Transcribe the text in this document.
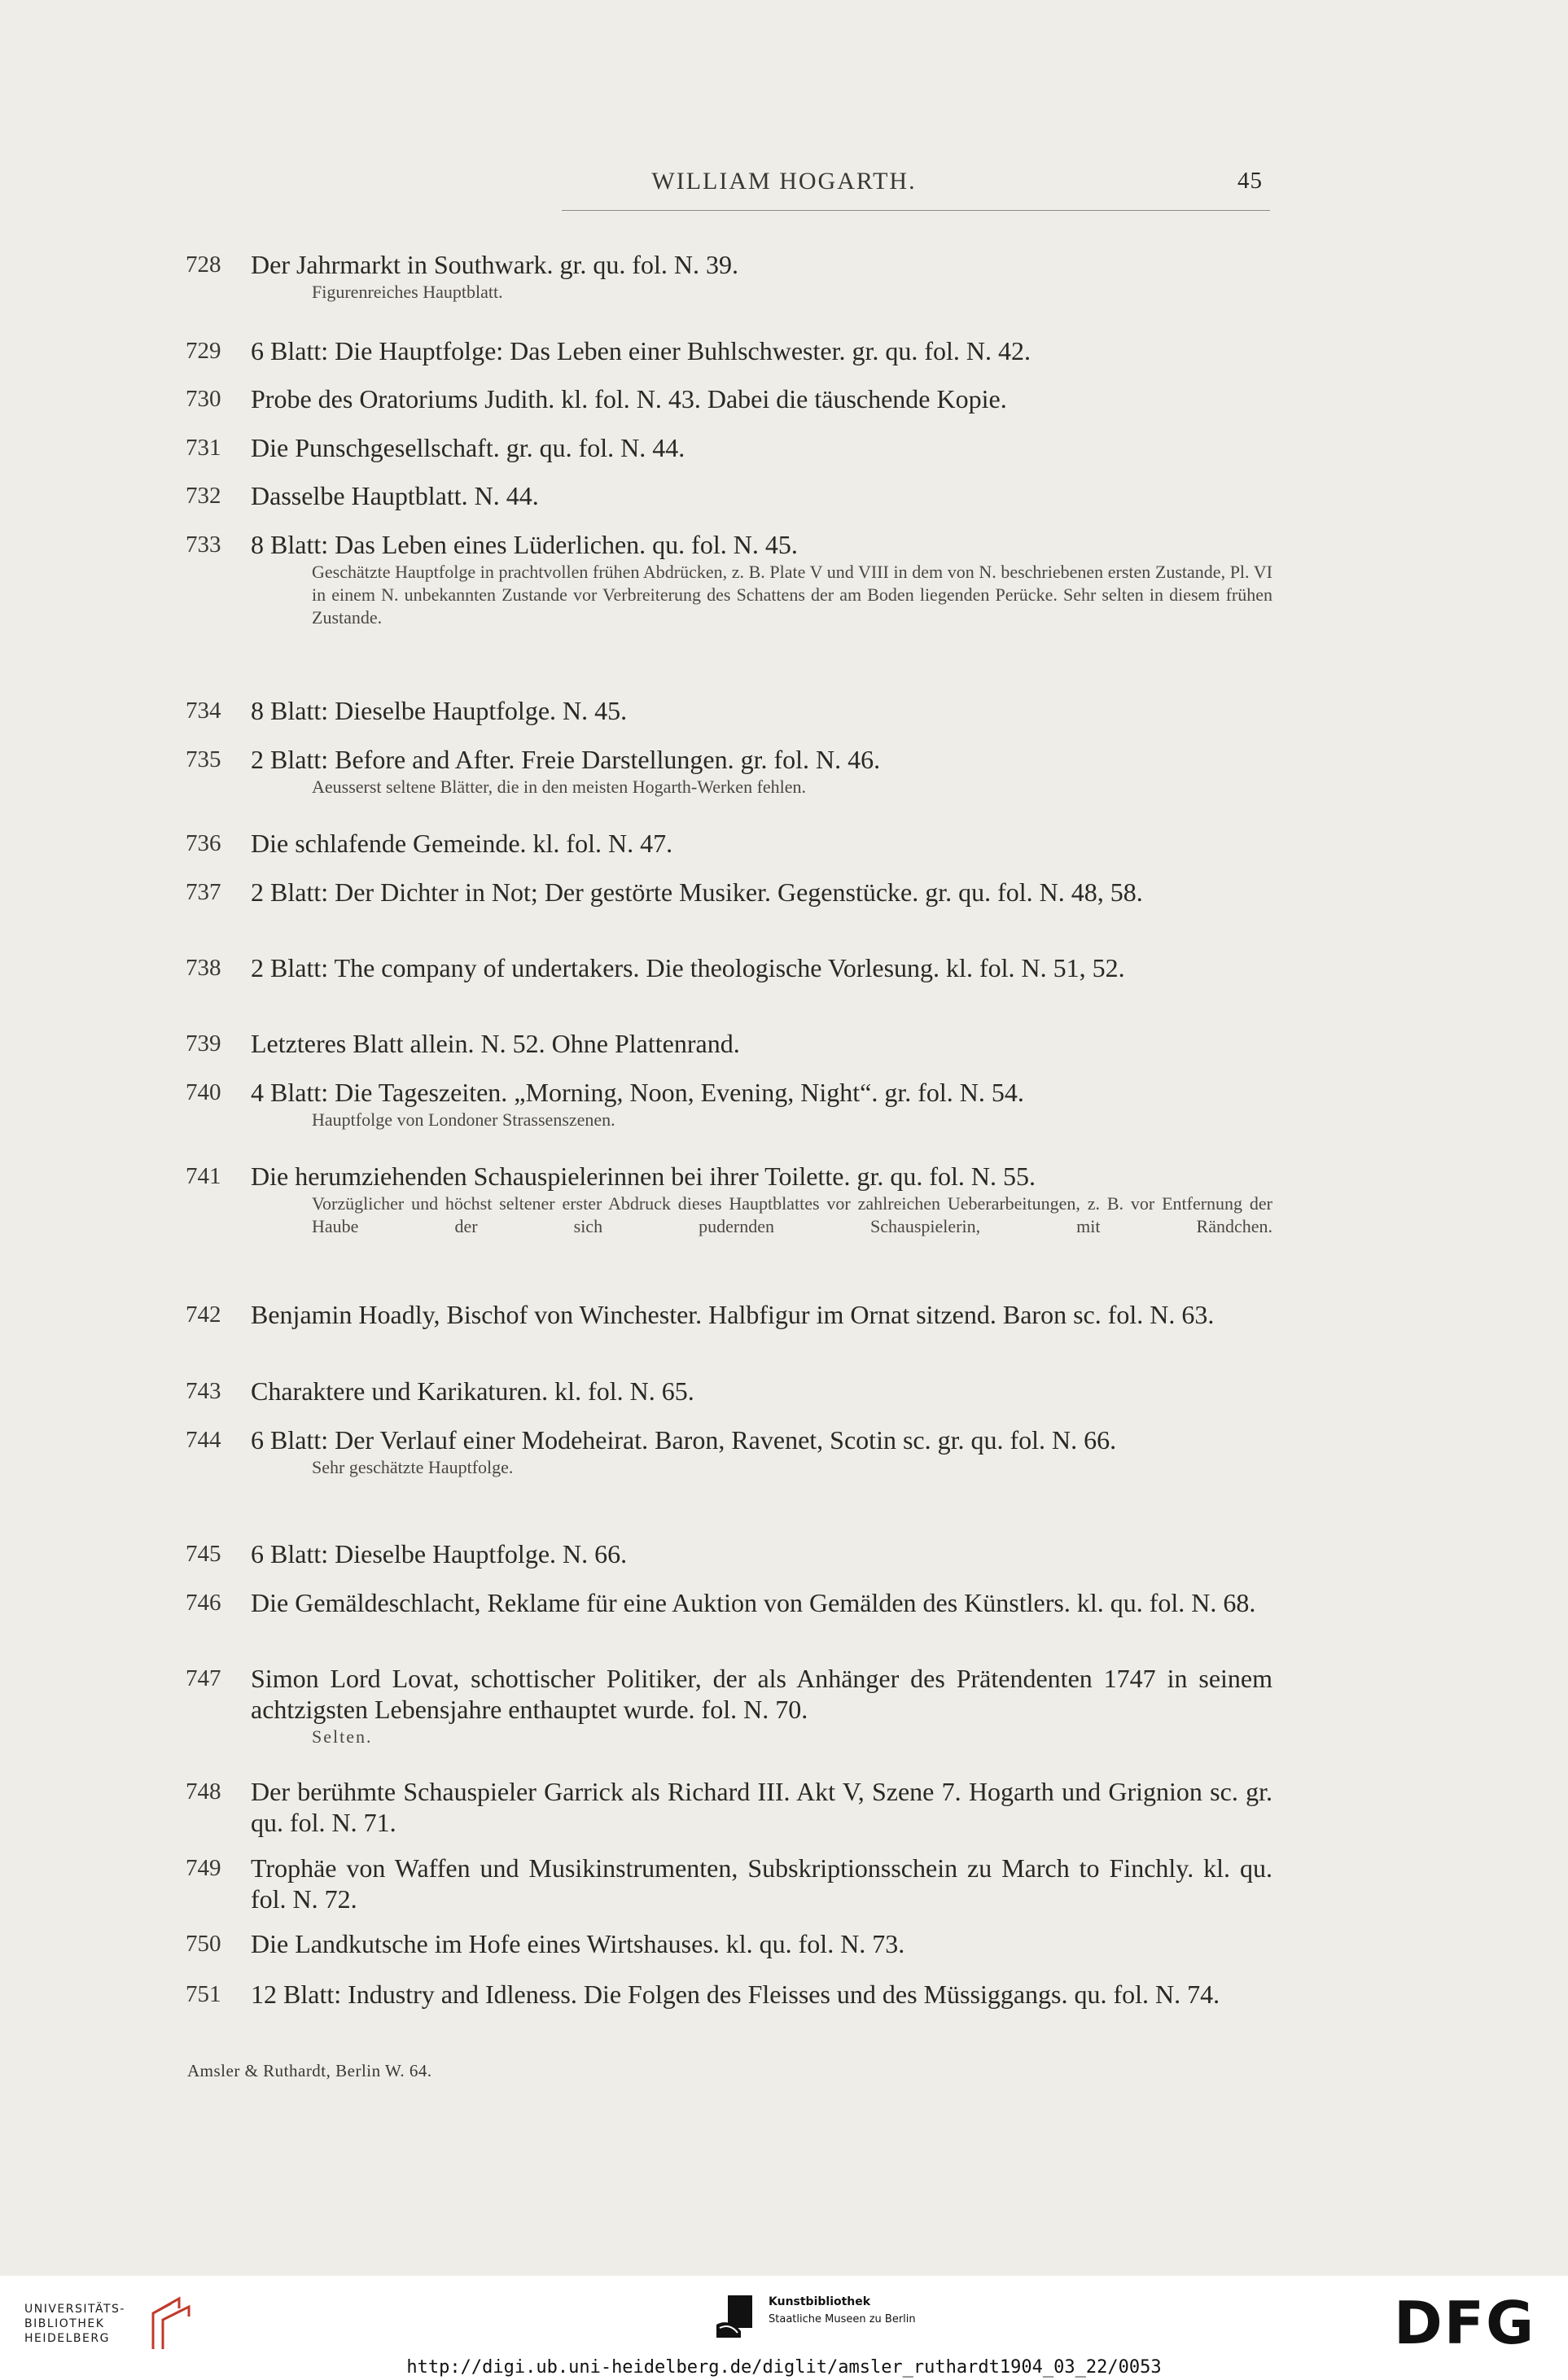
WILLIAM HOGARTH.	45
728	Der Jahrmarkt in Southwark. gr. qu. fol. N. 39.
Figurenreiches Hauptblatt.
729	6 Blatt: Die Hauptfolge: Das Leben einer Buhlschwester. gr. qu. fol. N. 42.
730	Probe des Oratoriums Judith. kl. fol. N. 43. Dabei die täuschende Kopie.
731	Die Punschgesellschaft. gr. qu. fol. N. 44.
732	Dasselbe Hauptblatt. N. 44.
733	8 Blatt: Das Leben eines Lüderlichen. qu. fol. N. 45.
Geschätzte Hauptfolge in prachtvollen frühen Abdrücken, z. B. Plate V und VIII in dem von N. beschriebenen ersten Zustande, Pl. VI in einem N. unbekannten Zustande vor Verbreiterung des Schattens der am Boden liegenden Perücke. Sehr selten in diesem frühen Zustande.
734	8 Blatt: Dieselbe Hauptfolge. N. 45.
735	2 Blatt: Before and After. Freie Darstellungen. gr. fol. N. 46.
Aeusserst seltene Blätter, die in den meisten Hogarth-Werken fehlen.
736	Die schlafende Gemeinde. kl. fol. N. 47.
737	2 Blatt: Der Dichter in Not; Der gestörte Musiker. Gegenstücke. gr. qu. fol. N. 48, 58.
738	2 Blatt: The company of undertakers. Die theologische Vorlesung. kl. fol. N. 51, 52.
739	Letzteres Blatt allein. N. 52. Ohne Plattenrand.
740	4 Blatt: Die Tageszeiten. „Morning, Noon, Evening, Night“. gr. fol. N. 54.
Hauptfolge von Londoner Strassenszenen.
741	Die herumziehenden Schauspielerinnen bei ihrer Toilette. gr. qu. fol. N. 55.
Vorzüglicher und höchst seltener erster Abdruck dieses Hauptblattes vor zahlreichen Ueberarbeitungen, z. B. vor Entfernung der Haube der sich pudernden Schauspielerin, mit Rändchen.
742	Benjamin Hoadly, Bischof von Winchester. Halbfigur im Ornat sitzend. Baron sc. fol. N. 63.
743	Charaktere und Karikaturen. kl. fol. N. 65.
744	6 Blatt: Der Verlauf einer Modeheirat. Baron, Ravenet, Scotin sc. gr. qu. fol. N. 66.
Sehr geschätzte Hauptfolge.
745	6 Blatt: Dieselbe Hauptfolge. N. 66.
746	Die Gemäldeschlacht, Reklame für eine Auktion von Gemälden des Künstlers. kl. qu. fol. N. 68.
747	Simon Lord Lovat, schottischer Politiker, der als Anhänger des Prätendenten 1747 in seinem achtzigsten Lebensjahre enthauptet wurde. fol. N. 70.
Selten.
748	Der berühmte Schauspieler Garrick als Richard III. Akt V, Szene 7. Hogarth und Grignion sc. gr. qu. fol. N. 71.
749	Trophäe von Waffen und Musikinstrumenten, Subskriptionsschein zu March to Finchly. kl. qu. fol. N. 72.
750	Die Landkutsche im Hofe eines Wirtshauses. kl. qu. fol. N. 73.
751	12 Blatt: Industry and Idleness. Die Folgen des Fleisses und des Müssiggangs. qu. fol. N. 74.
Amsler & Ruthardt, Berlin W. 64.
UNIVERSITÄTS-
BIBLIOTHEK
HEIDELBERG
Kunstbibliothek
Staatliche Museen zu Berlin	DFG
http://digi.ub.uni-heidelberg.de/diglit/amsler_ruthardt1904_03_22/0053
